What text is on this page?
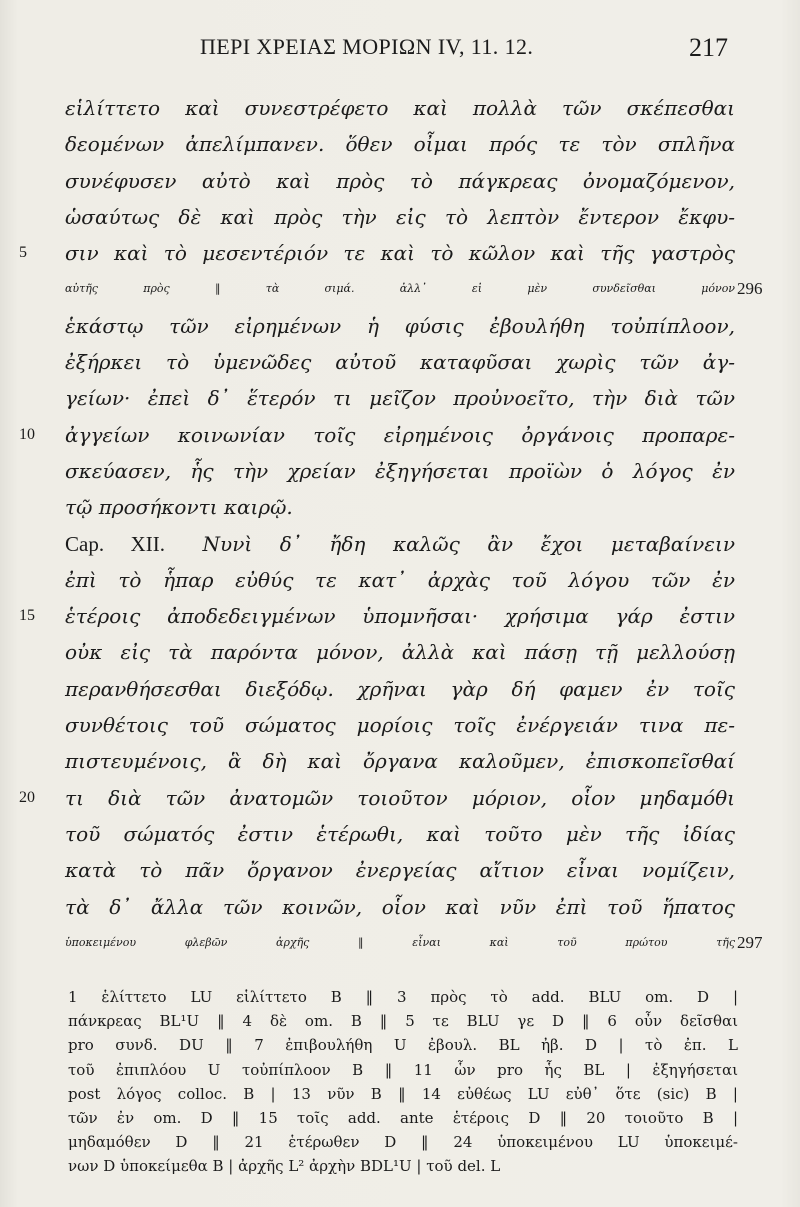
ΠΕΡΙ ΧΡΕΙΑΣ ΜΟΡΙΩΝ IV, 11. 12.	217
εἱλίττετο καὶ συνεστρέφετο καὶ πολλὰ τῶν σκέπεσθαι
δεομένων ἀπελίμπανεν. ὅθεν οἶμαι πρός τε τὸν σπλῆνα
συνέφυσεν αὐτὸ καὶ πρὸς τὸ πάγκρεας ὀνομαζόμενον,
ὡσαύτως δὲ καὶ πρὸς τὴν εἰς τὸ λεπτὸν ἔντερον ἔκφυ-
5	σιν καὶ τὸ μεσεντέριόν τε καὶ τὸ κῶλον καὶ τῆς γαστρὸς
αὐτῆς πρὸς ‖ τὰ σιμά. ἀλλ᾽ εἰ μὲν συνδεῖσθαι μόνον 296
ἑκάστῳ τῶν εἰρημένων ἡ φύσις ἐβουλήθη τοὐπίπλοον,
ἐξήρκει τὸ ὑμενῶδες αὐτοῦ καταφῦσαι χωρὶς τῶν ἀγ-
γείων· ἐπεὶ δ᾽ ἕτερόν τι μεῖζον προὐνοεῖτο, τὴν διὰ τῶν
10	ἀγγείων κοινωνίαν τοῖς εἰρημένοις ὀργάνοις προπαρε-
σκεύασεν, ἧς τὴν χρείαν ἐξηγήσεται προϊὼν ὁ λόγος ἐν
τῷ προσήκοντι καιρῷ.
Cap. XII.  Νυνὶ δ᾽ ἤδη καλῶς ἂν ἔχοι μεταβαίνειν
ἐπὶ τὸ ἧπαρ εὐθύς τε κατ᾽ ἀρχὰς τοῦ λόγου τῶν ἐν
15	ἑτέροις ἀποδεδειγμένων ὑπομνῆσαι· χρήσιμα γάρ ἐστιν
οὐκ εἰς τὰ παρόντα μόνον, ἀλλὰ καὶ πάσῃ τῇ μελλούσῃ
περανθήσεσθαι διεξόδῳ. χρῆναι γὰρ δή φαμεν ἐν τοῖς
συνθέτοις τοῦ σώματος μορίοις τοῖς ἐνέργειάν τινα πε-
πιστευμένοις, ἃ δὴ καὶ ὄργανα καλοῦμεν, ἐπισκοπεῖσθαί
20	τι διὰ τῶν ἀνατομῶν τοιοῦτον μόριον, οἷον μηδαμόθι
τοῦ σώματός ἐστιν ἑτέρωθι, καὶ τοῦτο μὲν τῆς ἰδίας
κατὰ τὸ πᾶν ὄργανον ἐνεργείας αἴτιον εἶναι νομίζειν,
τὰ δ᾽ ἄλλα τῶν κοινῶν, οἷον καὶ νῦν ἐπὶ τοῦ ἥπατος
ὑποκειμένου φλεβῶν ἀρχῆς ‖ εἶναι καὶ τοῦ πρώτου τῆς 297
1 ἑλίττετο LU εἱλίττετο B ‖ 3 πρὸς τὸ add. BLU om. D |
πάνκρεας BL¹U ‖ 4 δὲ om. B ‖ 5 τε BLU γε D ‖ 6 οὖν δεῖσθαι
pro συνδ. DU ‖ 7 ἐπιβουλήθη U ἐβουλ. BL ἠβ. D | τὸ ἐπ. L
τοῦ ἐπιπλόου U τοὐπίπλοον B ‖ 11 ὧν pro ἧς BL | ἐξηγήσεται
post λόγος colloc. B | 13 νῦν B ‖ 14 εὐθέως LU εὐθ᾽ ὅτε (sic) B |
τῶν ἐν om. D ‖ 15 τοῖς add. ante ἑτέροις D ‖ 20 τοιοῦτο B |
μηδαμόθεν D ‖ 21 ἑτέρωθεν D ‖ 24 ὑποκειμένου LU ὑποκειμέ-
νων D ὑποκείμεθα B | ἀρχῆς L² ἀρχὴν BDL¹U | τοῦ del. L
